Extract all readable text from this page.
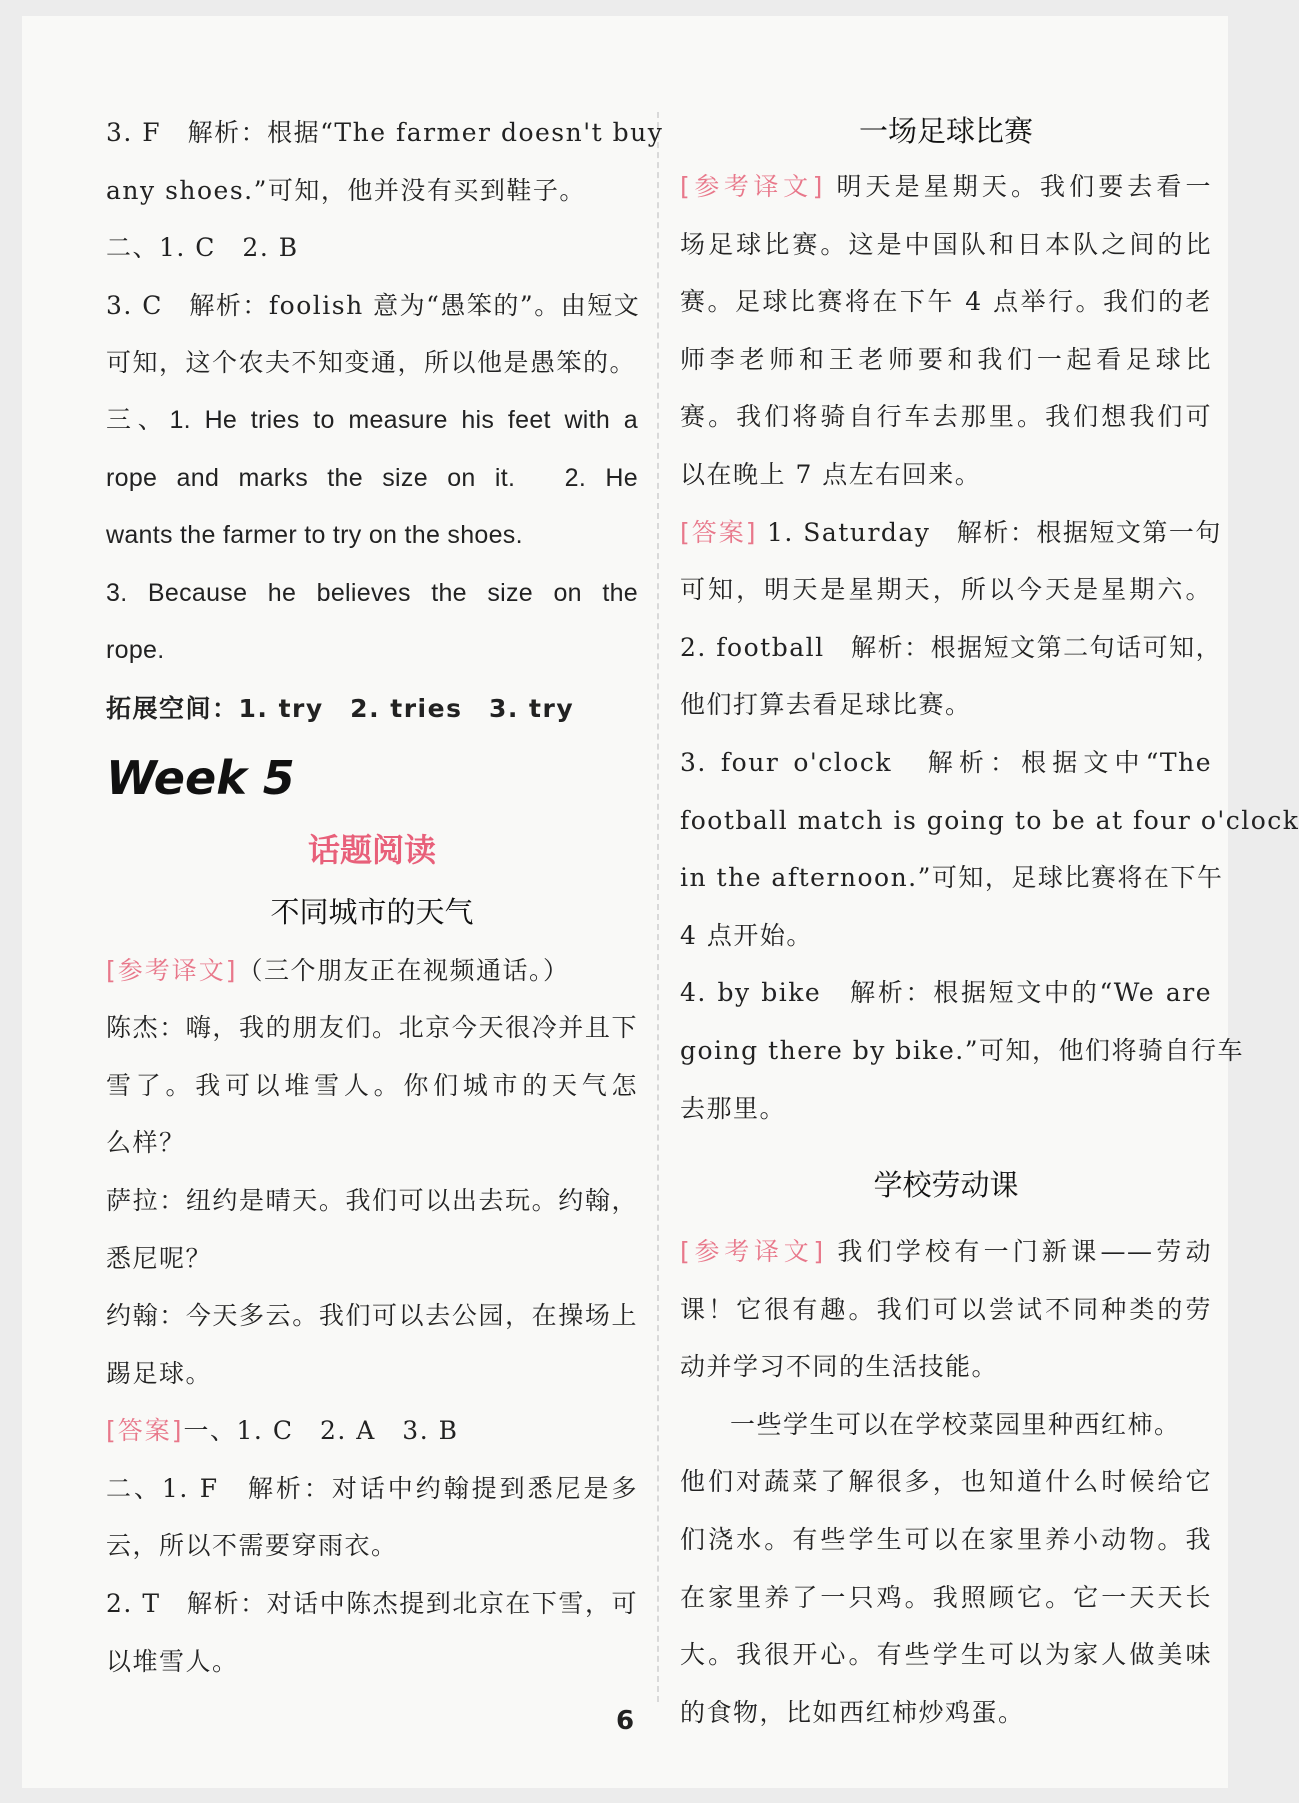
3. F　解析：根据“The farmer doesn't buy
any shoes.”可知，他并没有买到鞋子。
二、1. C　2. B
3. C　解析：foolish 意为“愚笨的”。由短文
可知，这个农夫不知变通，所以他是愚笨的。
三、1. He tries to measure his feet with a
rope and marks the size on it.　2. He
wants the farmer to try on the shoes.
3. Because he believes the size on the
rope.
拓展空间：1. try　2. tries　3. try
Week 5
话题阅读
不同城市的天气
[参考译文]（三个朋友正在视频通话。）
陈杰：嗨，我的朋友们。北京今天很冷并且下
雪了。我可以堆雪人。你们城市的天气怎
么样？
萨拉：纽约是晴天。我们可以出去玩。约翰，
悉尼呢？
约翰：今天多云。我们可以去公园，在操场上
踢足球。
[答案]一、1. C　2. A　3. B
二、1. F　解析：对话中约翰提到悉尼是多
云，所以不需要穿雨衣。
2. T　解析：对话中陈杰提到北京在下雪，可
以堆雪人。
一场足球比赛
[参考译文] 明天是星期天。我们要去看一
场足球比赛。这是中国队和日本队之间的比
赛。足球比赛将在下午 4 点举行。我们的老
师李老师和王老师要和我们一起看足球比
赛。我们将骑自行车去那里。我们想我们可
以在晚上 7 点左右回来。
[答案] 1. Saturday　解析：根据短文第一句
可知，明天是星期天，所以今天是星期六。
2. football　解析：根据短文第二句话可知，
他们打算去看足球比赛。
3. four o'clock　解析：根据文中“The
football match is going to be at four o'clock
in the afternoon.”可知，足球比赛将在下午
4 点开始。
4. by bike　解析：根据短文中的“We are
going there by bike.”可知，他们将骑自行车
去那里。
学校劳动课
[参考译文] 我们学校有一门新课——劳动
课！它很有趣。我们可以尝试不同种类的劳
动并学习不同的生活技能。
一些学生可以在学校菜园里种西红柿。
他们对蔬菜了解很多，也知道什么时候给它
们浇水。有些学生可以在家里养小动物。我
在家里养了一只鸡。我照顾它。它一天天长
大。我很开心。有些学生可以为家人做美味
的食物，比如西红柿炒鸡蛋。
6
